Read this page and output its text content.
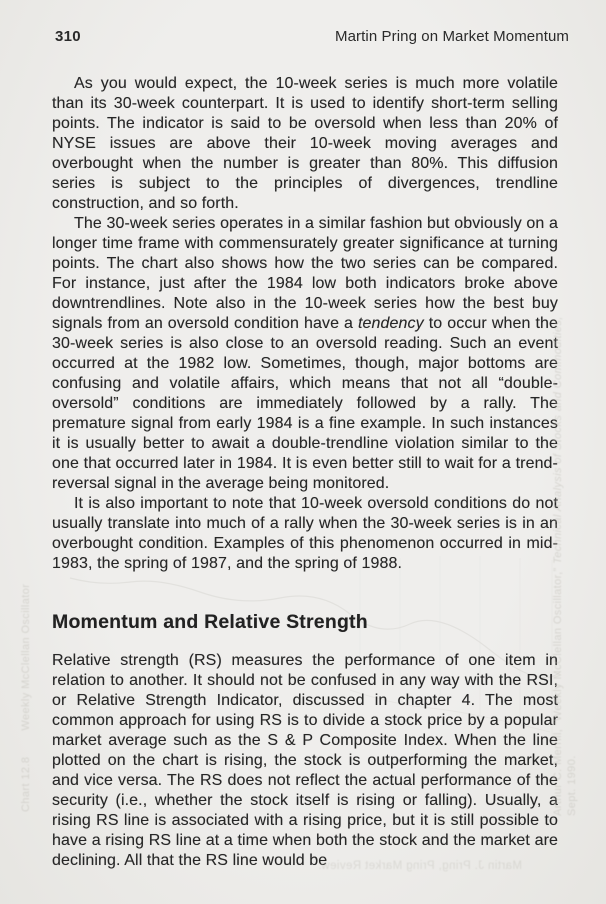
310	Martin Pring on Market Momentum

As you would expect, the 10-week series is much more volatile than its 30-week counterpart. It is used to identify short-term selling points. The indicator is said to be oversold when less than 20% of NYSE issues are above their 10-week moving averages and overbought when the number is greater than 80%. This diffusion series is subject to the principles of divergences, trendline construction, and so forth.

The 30-week series operates in a similar fashion but obviously on a longer time frame with commensurately greater significance at turning points. The chart also shows how the two series can be compared. For instance, just after the 1984 low both indicators broke above downtrendlines. Note also in the 10-week series how the best buy signals from an oversold condition have a tendency to occur when the 30-week series is also close to an oversold reading. Such an event occurred at the 1982 low. Sometimes, though, major bottoms are confusing and volatile affairs, which means that not all “double-oversold” conditions are immediately followed by a rally. The premature signal from early 1984 is a fine example. In such instances it is usually better to await a double-trendline violation similar to the one that occurred later in 1984. It is even better still to wait for a trend-reversal signal in the average being monitored.

It is also important to note that 10-week oversold conditions do not usually translate into much of a rally when the 30-week series is in an overbought condition. Examples of this phenomenon occurred in mid-1983, the spring of 1987, and the spring of 1988.

Momentum and Relative Strength

Relative strength (RS) measures the performance of one item in relation to another. It should not be confused in any way with the RSI, or Relative Strength Indicator, discussed in chapter 4. The most common approach for using RS is to divide a stock price by a popular market average such as the S & P Composite Index. When the line plotted on the chart is rising, the stock is outperforming the market, and vice versa. The RS does not reflect the actual performance of the security (i.e., whether the stock itself is rising or falling). Usually, a rising RS line is associated with a rising price, but it is still possible to have a rising RS line at a time when both the stock and the market are declining. All that the RS line would be

Chart 12.8Weekly McClellan Oscillator	Arthur C. Merrill, “Weekly McClellan Oscillator,” Technical Analysis of Stocks and Commodities,
Sept. 1990.
Martin J. Pring, Pring Market Review.
